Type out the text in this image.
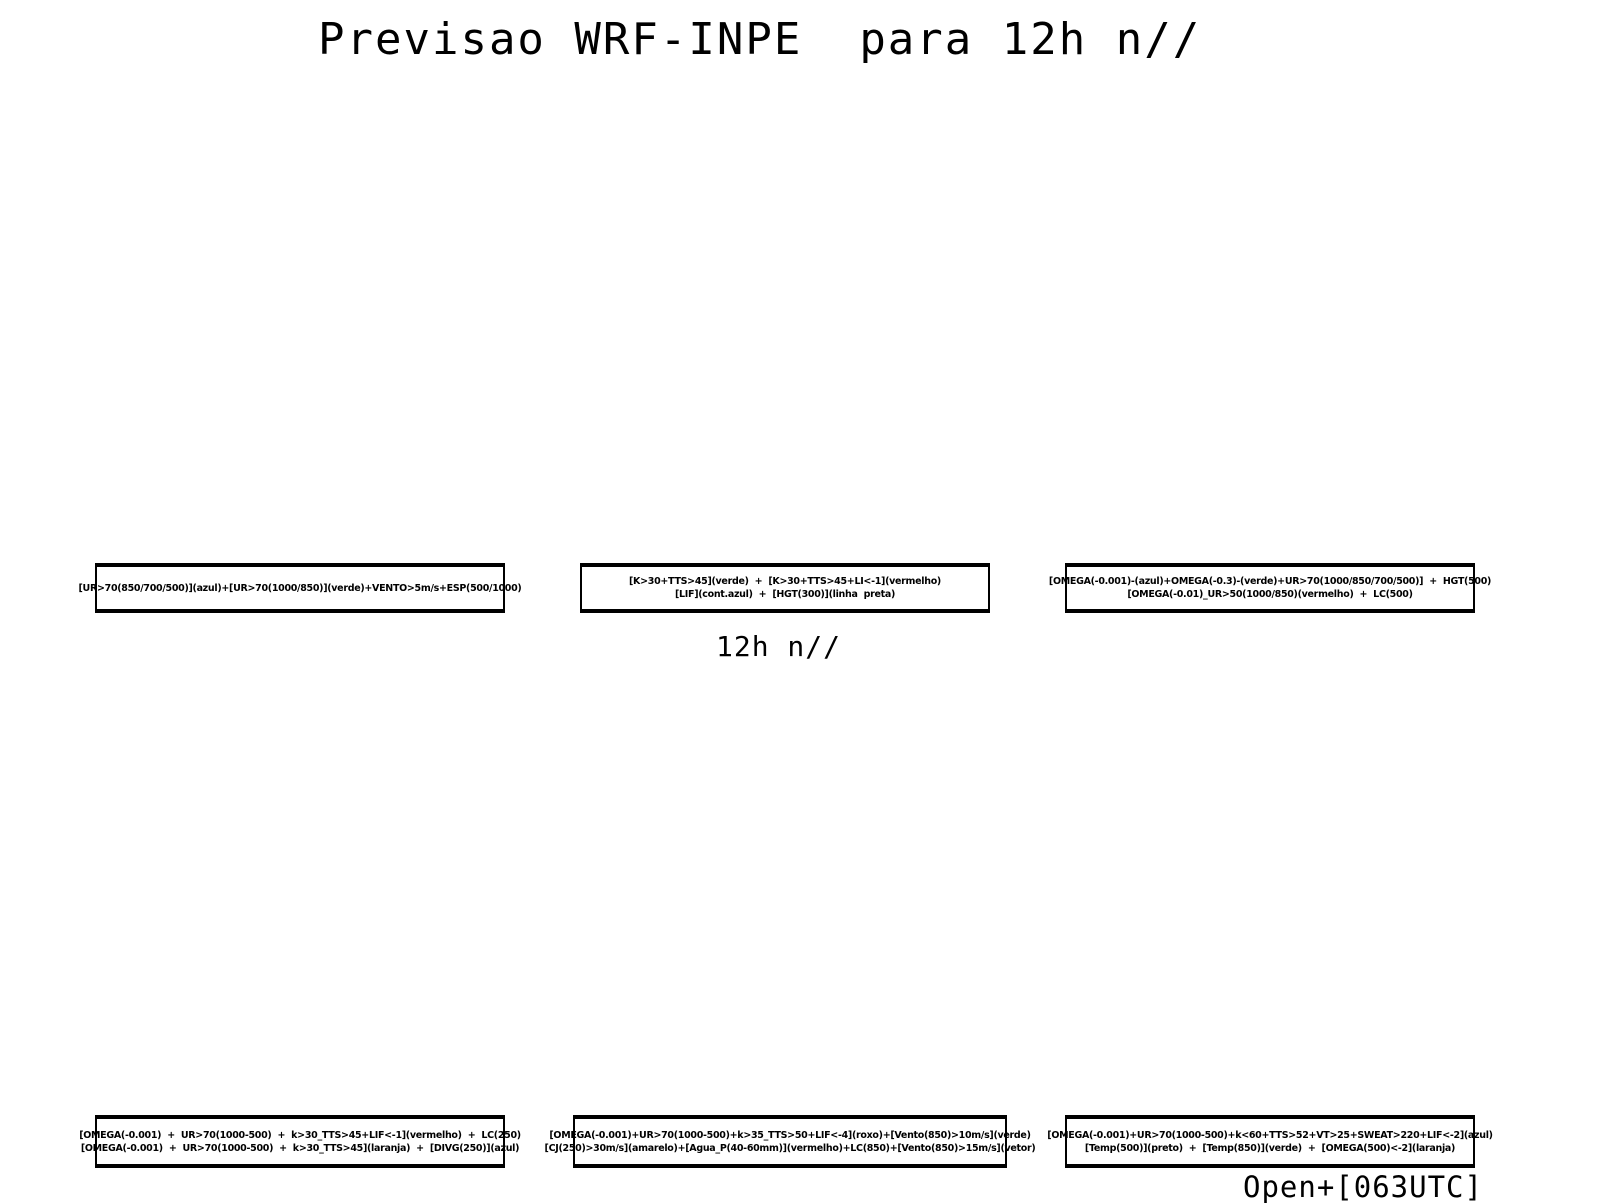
Previsao WRF-INPE  para 12h n//
[UR>70(850/700/500)](azul)+[UR>70(1000/850)](verde)+VENTO>5m/s+ESP(500/1000)
[K>30+TTS>45](verde)  +  [K>30+TTS>45+LI<-1](vermelho)
[LIF](cont.azul)  +  [HGT(300)](linha  preta)
[OMEGA(-0.001)-(azul)+OMEGA(-0.3)-(verde)+UR>70(1000/850/700/500)]  +  HGT(500)
[OMEGA(-0.01)_UR>50(1000/850)(vermelho)  +  LC(500)
12h n//
[OMEGA(-0.001)  +  UR>70(1000-500)  +  k>30_TTS>45+LIF<-1](vermelho)  +  LC(250)
[OMEGA(-0.001)  +  UR>70(1000-500)  +  k>30_TTS>45](laranja)  +  [DIVG(250)](azul)
[OMEGA(-0.001)+UR>70(1000-500)+k>35_TTS>50+LIF<-4](roxo)+[Vento(850)>10m/s](verde)
[CJ(250)>30m/s](amarelo)+[Agua_P(40-60mm)](vermelho)+LC(850)+[Vento(850)>15m/s](vetor)
[OMEGA(-0.001)+UR>70(1000-500)+k<60+TTS>52+VT>25+SWEAT>220+LIF<-2](azul)
[Temp(500)](preto)  +  [Temp(850)](verde)  +  [OMEGA(500)<-2](laranja)
Open+[063UTC]
